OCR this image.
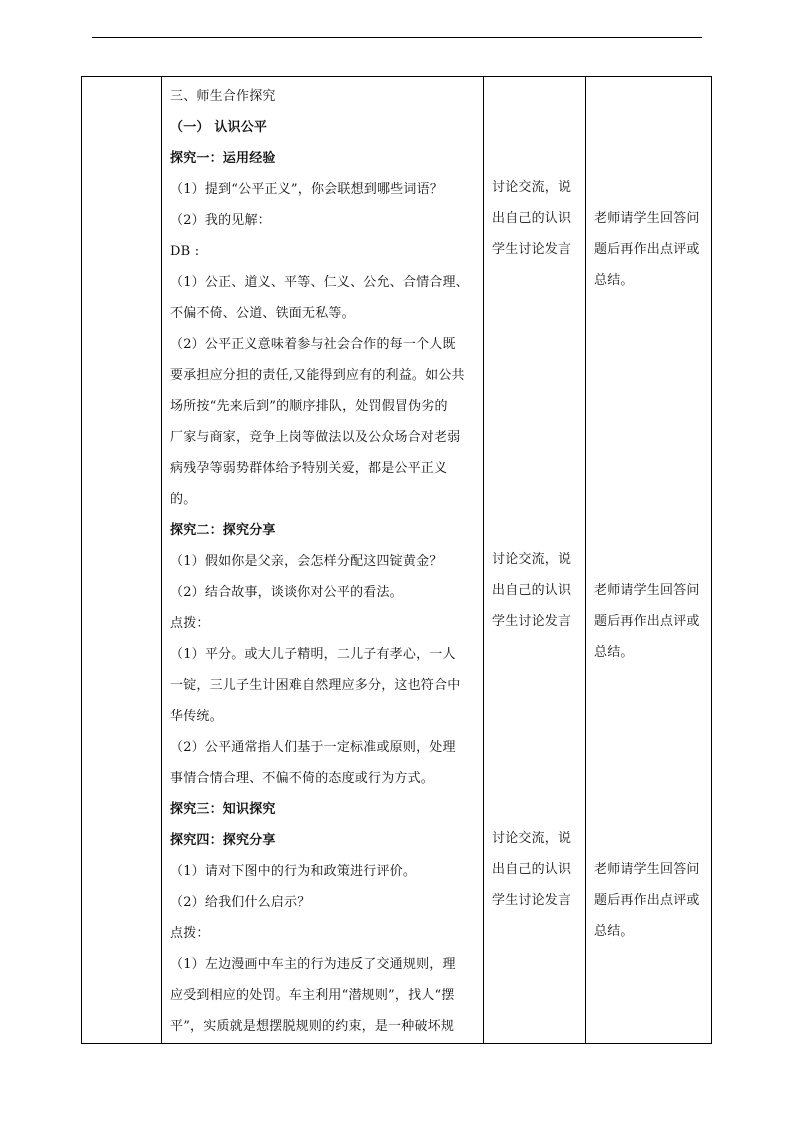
三、师生合作探究
（一） 认识公平
探究一：运用经验
（1）提到“公平正义”，你会联想到哪些词语？
（2）我的见解：
DB :
（1）公正、道义、平等、仁义、公允、合情合理、
不偏不倚、公道、铁面无私等。
（2）公平正义意味着参与社会合作的每一个人既
要承担应分担的责任,又能得到应有的利益。如公共
场所按“先来后到”的顺序排队，处罚假冒伪劣的
厂家与商家，竞争上岗等做法以及公众场合对老弱
病残孕等弱势群体给予特别关爱，都是公平正义
的。
探究二：探究分享
（1）假如你是父亲，会怎样分配这四锭黄金？
（2）结合故事，谈谈你对公平的看法。
点拨：
（1）平分。或大儿子精明，二儿子有孝心，一人
一锭，三儿子生计困难自然理应多分，这也符合中
华传统。
（2）公平通常指人们基于一定标准或原则，处理
事情合情合理、不偏不倚的态度或行为方式。
探究三：知识探究
探究四：探究分享
（1）请对下图中的行为和政策进行评价。
（2）给我们什么启示？
点拨：
（1）左边漫画中车主的行为违反了交通规则，理
应受到相应的处罚。车主利用“潜规则”，找人“摆
平”，实质就是想摆脱规则的约束，是一种破坏规
讨论交流，说
出自己的认识
学生讨论发言
老师请学生回答问
题后再作出点评或
总结。
讨论交流，说
出自己的认识
学生讨论发言
老师请学生回答问
题后再作出点评或
总结。
讨论交流，说
出自己的认识
学生讨论发言
老师请学生回答问
题后再作出点评或
总结。
